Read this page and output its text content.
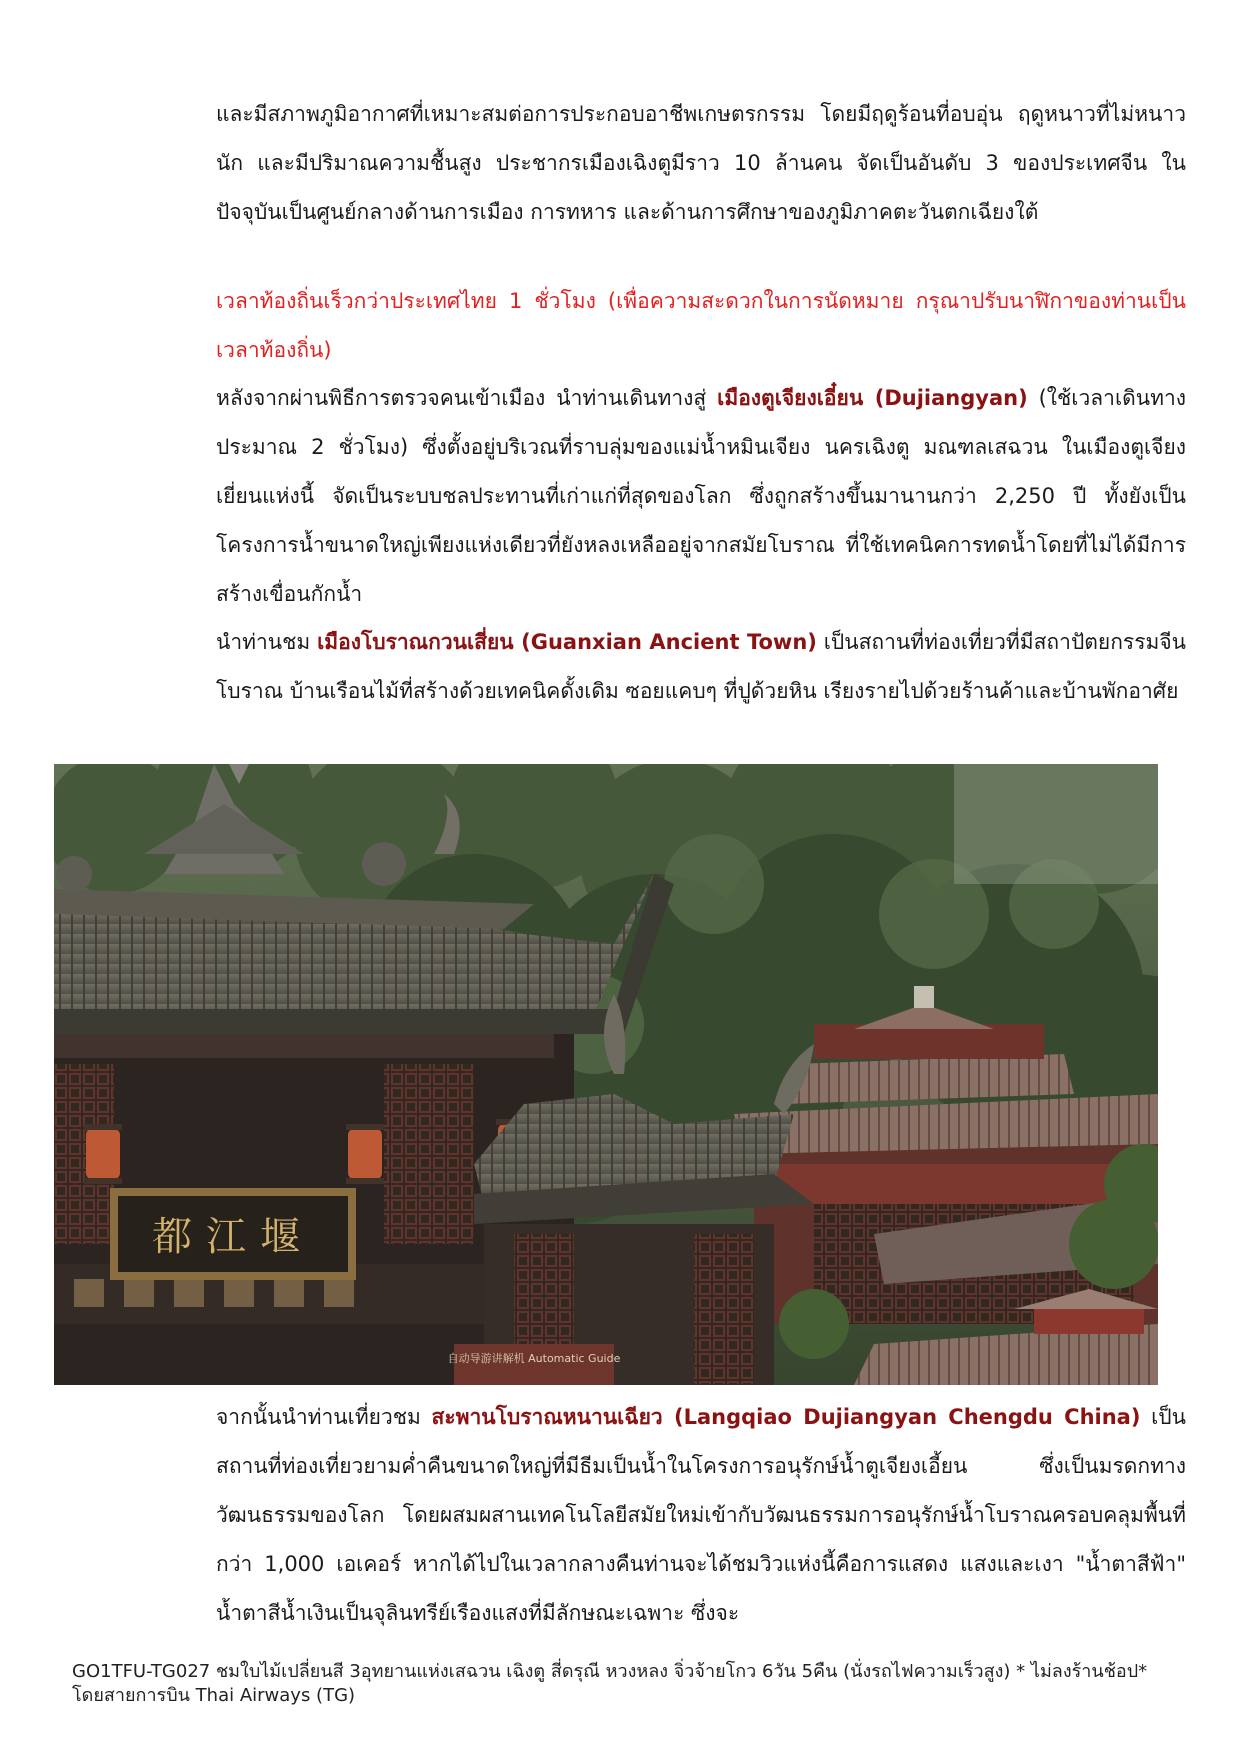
และมีสภาพภูมิอากาศที่เหมาะสมต่อการประกอบอาชีพเกษตรกรรม โดยมีฤดูร้อนที่อบอุ่น ฤดูหนาวที่ไม่หนาวนัก และมีปริมาณความชื้นสูง ประชากรเมืองเฉิงตูมีราว 10 ล้านคน จัดเป็นอันดับ 3 ของประเทศจีน ในปัจจุบันเป็นศูนย์กลางด้านการเมือง การทหาร และด้านการศึกษาของภูมิภาคตะวันตกเฉียงใต้

เวลาท้องถิ่นเร็วกว่าประเทศไทย 1 ชั่วโมง (เพื่อความสะดวกในการนัดหมาย กรุณาปรับนาฬิกาของท่านเป็นเวลาท้องถิ่น)

หลังจากผ่านพิธีการตรวจคนเข้าเมือง นำท่านเดินทางสู่ เมืองตูเจียงเอี๋ยน (Dujiangyan) (ใช้เวลาเดินทางประมาณ 2 ชั่วโมง) ซึ่งตั้งอยู่บริเวณที่ราบลุ่มของแม่น้ำหมินเจียง นครเฉิงตู มณฑลเสฉวน ในเมืองตูเจียงเยี่ยนแห่งนี้ จัดเป็นระบบชลประทานที่เก่าแก่ที่สุดของโลก ซึ่งถูกสร้างขึ้นมานานกว่า 2,250 ปี ทั้งยังเป็นโครงการน้ำขนาดใหญ่เพียงแห่งเดียวที่ยังหลงเหลืออยู่จากสมัยโบราณ ที่ใช้เทคนิคการทดน้ำโดยที่ไม่ได้มีการสร้างเขื่อนกักน้ำ

นำท่านชม เมืองโบราณกวนเสี่ยน (Guanxian Ancient Town) เป็นสถานที่ท่องเที่ยวที่มีสถาปัตยกรรมจีนโบราณ บ้านเรือนไม้ที่สร้างด้วยเทคนิคดั้งเดิม ซอยแคบๆ ที่ปูด้วยหิน เรียงรายไปด้วยร้านค้าและบ้านพักอาศัย

都江堰
自动导游讲解机 Automatic Guide

จากนั้นนำท่านเที่ยวชม สะพานโบราณหนานเฉียว (Langqiao Dujiangyan Chengdu China) เป็นสถานที่ท่องเที่ยวยามค่ำคืนขนาดใหญ่ที่มีธีมเป็นน้ำในโครงการอนุรักษ์น้ำตูเจียงเอี้ยน ซึ่งเป็นมรดกทางวัฒนธรรมของโลก โดยผสมผสานเทคโนโลยีสมัยใหม่เข้ากับวัฒนธรรมการอนุรักษ์น้ำโบราณครอบคลุมพื้นที่กว่า 1,000 เอเคอร์ หากได้ไปในเวลากลางคืนท่านจะได้ชมวิวแห่งนี้คือการแสดง แสงและเงา "น้ำตาสีฟ้า" น้ำตาสีน้ำเงินเป็นจุลินทรีย์เรืองแสงที่มีลักษณะเฉพาะ ซึ่งจะ

GO1TFU-TG027 ชมใบไม้เปลี่ยนสี 3อุทยานแห่งเสฉวน เฉิงตู สี่ดรุณี หวงหลง จิ่วจ้ายโกว 6วัน 5คืน (นั่งรถไฟความเร็วสูง) * ไม่ลงร้านช้อป* โดยสายการบิน Thai Airways (TG)
